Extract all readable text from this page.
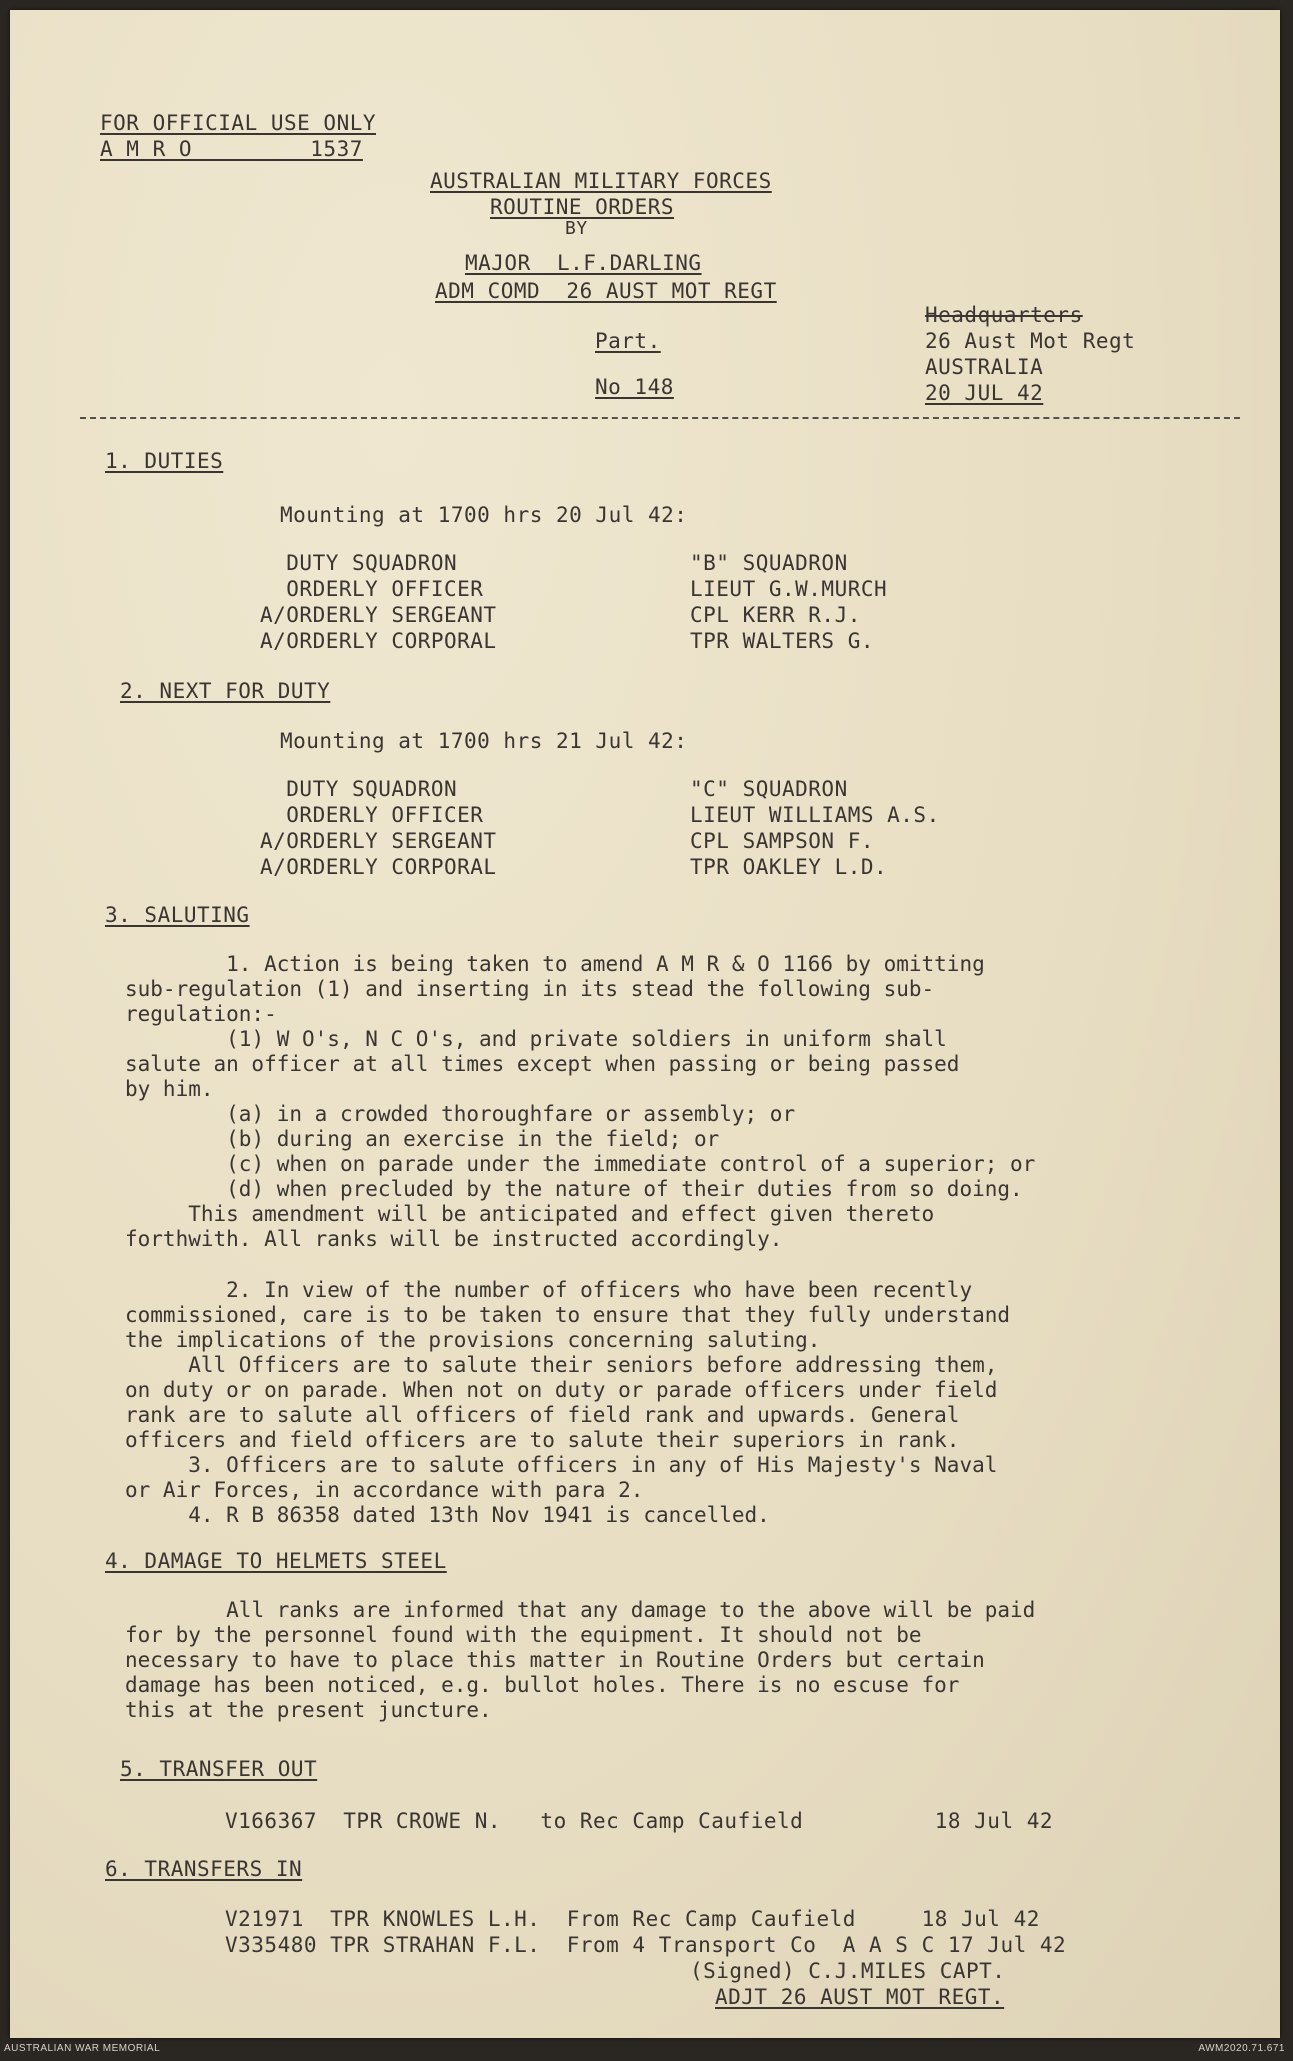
FOR OFFICIAL USE ONLY
A M R O         1537
AUSTRALIAN MILITARY FORCES
ROUTINE ORDERS
BY
MAJOR  L.F.DARLING
ADM COMD  26 AUST MOT REGT
Part.
No 148
Headquarters
26 Aust Mot Regt
AUSTRALIA
20 JUL 42
1. DUTIES
Mounting at 1700 hrs 20 Jul 42:
DUTY SQUADRON
ORDERLY OFFICER
A/ORDERLY SERGEANT
A/ORDERLY CORPORAL
"B" SQUADRON
LIEUT G.W.MURCH
CPL KERR R.J.
TPR WALTERS G.
2. NEXT FOR DUTY
Mounting at 1700 hrs 21 Jul 42:
DUTY SQUADRON
ORDERLY OFFICER
A/ORDERLY SERGEANT
A/ORDERLY CORPORAL
"C" SQUADRON
LIEUT WILLIAMS A.S.
CPL SAMPSON F.
TPR OAKLEY L.D.
3. SALUTING
1. Action is being taken to amend A M R & O 1166 by omitting
sub-regulation (1) and inserting in its stead the following sub-
regulation:-
(1) W O's, N C O's, and private soldiers in uniform shall
salute an officer at all times except when passing or being passed
by him.
(a) in a crowded thoroughfare or assembly; or
(b) during an exercise in the field; or
(c) when on parade under the immediate control of a superior; or
(d) when precluded by the nature of their duties from so doing.
This amendment will be anticipated and effect given thereto
forthwith. All ranks will be instructed accordingly.
2. In view of the number of officers who have been recently
commissioned, care is to be taken to ensure that they fully understand
the implications of the provisions concerning saluting.
All Officers are to salute their seniors before addressing them,
on duty or on parade. When not on duty or parade officers under field
rank are to salute all officers of field rank and upwards. General
officers and field officers are to salute their superiors in rank.
3. Officers are to salute officers in any of His Majesty's Naval
or Air Forces, in accordance with para 2.
4. R B 86358 dated 13th Nov 1941 is cancelled.
4. DAMAGE TO HELMETS STEEL
All ranks are informed that any damage to the above will be paid
for by the personnel found with the equipment. It should not be
necessary to have to place this matter in Routine Orders but certain
damage has been noticed, e.g. bullot holes. There is no escuse for
this at the present juncture.
5. TRANSFER OUT
V166367  TPR CROWE N.   to Rec Camp Caufield          18 Jul 42
6. TRANSFERS IN
V21971  TPR KNOWLES L.H.  From Rec Camp Caufield     18 Jul 42
V335480 TPR STRAHAN F.L.  From 4 Transport Co  A A S C 17 Jul 42
(Signed) C.J.MILES CAPT.
ADJT 26 AUST MOT REGT.
AUSTRALIAN WAR MEMORIAL	AWM2020.71.671
